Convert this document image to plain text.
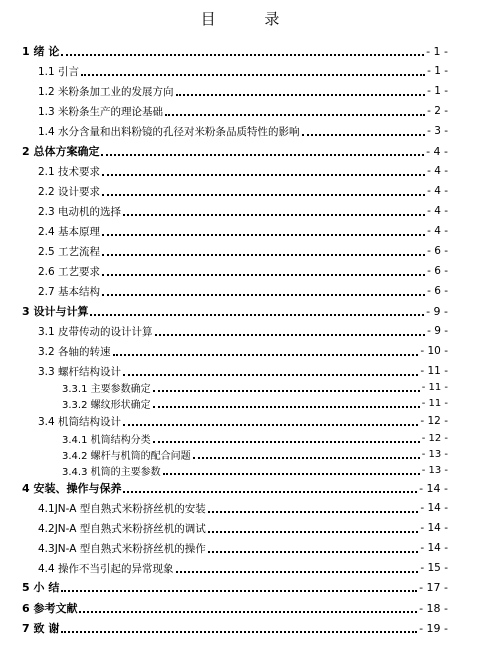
目 录
1 绪 论	- 1 -
1.1 引言	- 1 -
1.2 米粉条加工业的发展方向	- 1 -
1.3 米粉条生产的理论基础	- 2 -
1.4 水分含量和出料粉镜的孔径对米粉条品质特性的影响	- 3 -
2 总体方案确定	- 4 -
2.1 技术要求	- 4 -
2.2 设计要求	- 4 -
2.3 电动机的选择	- 4 -
2.4 基本原理	- 4 -
2.5 工艺流程	- 6 -
2.6 工艺要求	- 6 -
2.7 基本结构	- 6 -
3 设计与计算	- 9 -
3.1 皮带传动的设计计算	- 9 -
3.2 各轴的转速	- 10 -
3.3 螺杆结构设计	- 11 -
3.3.1 主要参数确定	- 11 -
3.3.2 螺纹形状确定	- 11 -
3.4 机筒结构设计	- 12 -
3.4.1 机筒结构分类	- 12 -
3.4.2 螺杆与机筒的配合问题	- 13 -
3.4.3 机筒的主要参数	- 13 -
4 安装、操作与保养	- 14 -
4.1JN-A 型自熟式米粉挤丝机的安装	- 14 -
4.2JN-A 型自熟式米粉挤丝机的调试	- 14 -
4.3JN-A 型自熟式米粉挤丝机的操作	- 14 -
4.4 操作不当引起的异常现象	- 15 -
5 小 结	- 17 -
6 参考文献	- 18 -
7 致 谢	- 19 -
